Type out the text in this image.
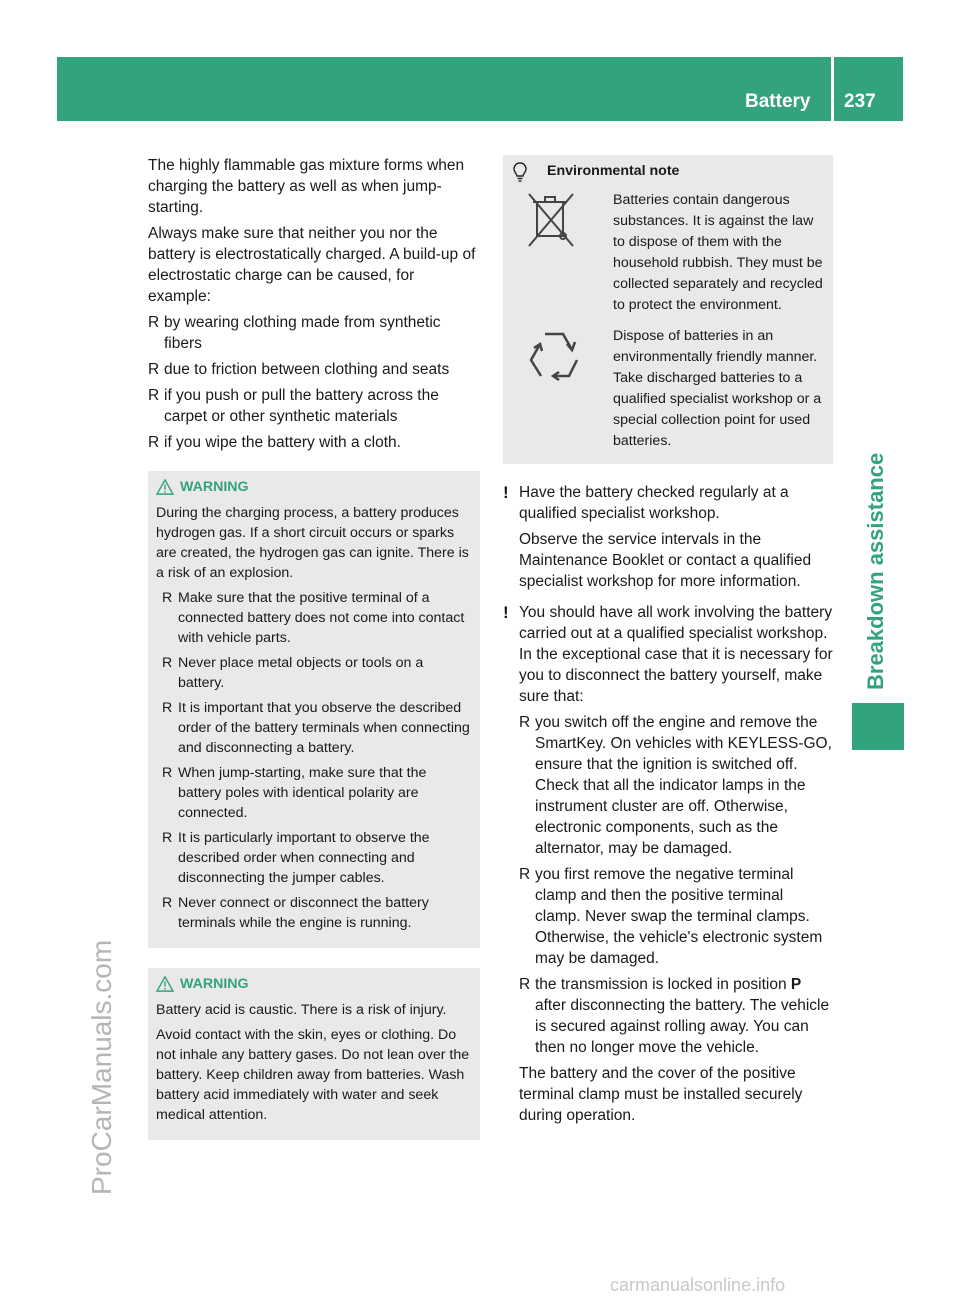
Battery 237
Breakdown assistance
ProCarManuals.com
carmanualsonline.info

The highly flammable gas mixture forms when charging the battery as well as when jump-starting.

Always make sure that neither you nor the battery is electrostatically charged. A build-up of electrostatic charge can be caused, for example:

R by wearing clothing made from synthetic fibers
R due to friction between clothing and seats
R if you push or pull the battery across the carpet or other synthetic materials
R if you wipe the battery with a cloth.
WARNING

During the charging process, a battery produces hydrogen gas. If a short circuit occurs or sparks are created, the hydrogen gas can ignite. There is a risk of an explosion.

R Make sure that the positive terminal of a connected battery does not come into contact with vehicle parts.
R Never place metal objects or tools on a battery.
R It is important that you observe the described order of the battery terminals when connecting and disconnecting a battery.
R When jump-starting, make sure that the battery poles with identical polarity are connected.
R It is particularly important to observe the described order when connecting and disconnecting the jumper cables.
R Never connect or disconnect the battery terminals while the engine is running.
WARNING

Battery acid is caustic. There is a risk of injury.

Avoid contact with the skin, eyes or clothing. Do not inhale any battery gases. Do not lean over the battery. Keep children away from batteries. Wash battery acid immediately with water and seek medical attention.

Environmental note
Batteries contain dangerous substances. It is against the law to dispose of them with the household rubbish. They must be collected separately and recycled to protect the environment.
Dispose of batteries in an environmentally friendly manner. Take discharged batteries to a qualified specialist workshop or a special collection point for used batteries.
! Have the battery checked regularly at a qualified specialist workshop.

Observe the service intervals in the Maintenance Booklet or contact a qualified specialist workshop for more information.

! You should have all work involving the battery carried out at a qualified specialist workshop. In the exceptional case that it is necessary for you to disconnect the battery yourself, make sure that:

R you switch off the engine and remove the SmartKey. On vehicles with KEYLESS-GO, ensure that the ignition is switched off. Check that all the indicator lamps in the instrument cluster are off. Otherwise, electronic components, such as the alternator, may be damaged.
R you first remove the negative terminal clamp and then the positive terminal clamp. Never swap the terminal clamps. Otherwise, the vehicle's electronic system may be damaged.
R the transmission is locked in position P after disconnecting the battery. The vehicle is secured against rolling away. You can then no longer move the vehicle.

The battery and the cover of the positive terminal clamp must be installed securely during operation.
